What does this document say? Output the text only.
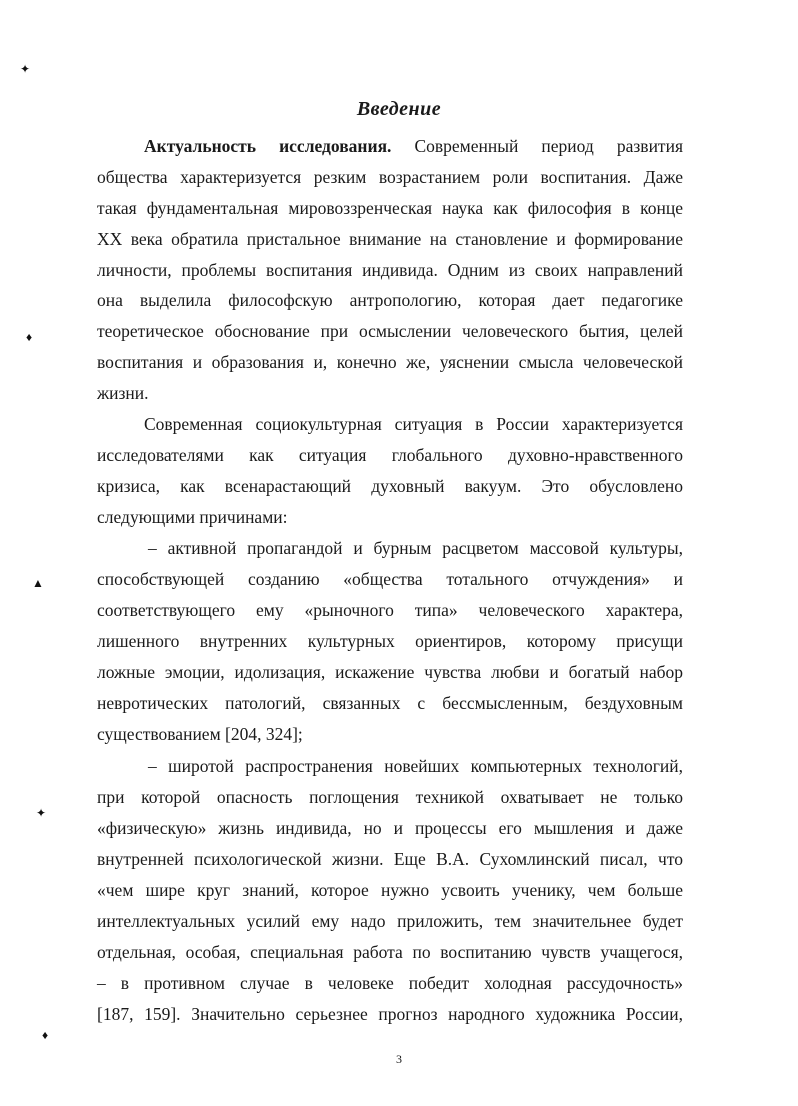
✦
♦
▲
✦
♦
Введение
Актуальность исследования. Современный период развития
общества характеризуется резким возрастанием роли воспитания. Даже
такая фундаментальная мировоззренческая наука как философия в конце
XX века обратила пристальное внимание на становление и формирование
личности, проблемы воспитания индивида. Одним из своих направлений
она выделила философскую антропологию, которая дает педагогике
теоретическое обоснование при осмыслении человеческого бытия, целей
воспитания и образования и, конечно же, уяснении смысла человеческой
жизни.
Современная социокультурная ситуация в России характеризуется
исследователями как ситуация глобального духовно-нравственного
кризиса, как всенарастающий духовный вакуум. Это обусловлено
следующими причинами:
– активной пропагандой и бурным расцветом массовой культуры,
способствующей созданию «общества тотального отчуждения» и
соответствующего ему «рыночного типа» человеческого характера,
лишенного внутренних культурных ориентиров, которому присущи
ложные эмоции, идолизация, искажение чувства любви и богатый набор
невротических патологий, связанных с бессмысленным, бездуховным
существованием [204, 324];
– широтой распространения новейших компьютерных технологий,
при которой опасность поглощения техникой охватывает не только
«физическую» жизнь индивида, но и процессы его мышления и даже
внутренней психологической жизни. Еще В.А. Сухомлинский писал, что
«чем шире круг знаний, которое нужно усвоить ученику, чем больше
интеллектуальных усилий ему надо приложить, тем значительнее будет
отдельная, особая, специальная работа по воспитанию чувств учащегося,
– в противном случае в человеке победит холодная рассудочность»
[187, 159]. Значительно серьезнее прогноз народного художника России,
3
